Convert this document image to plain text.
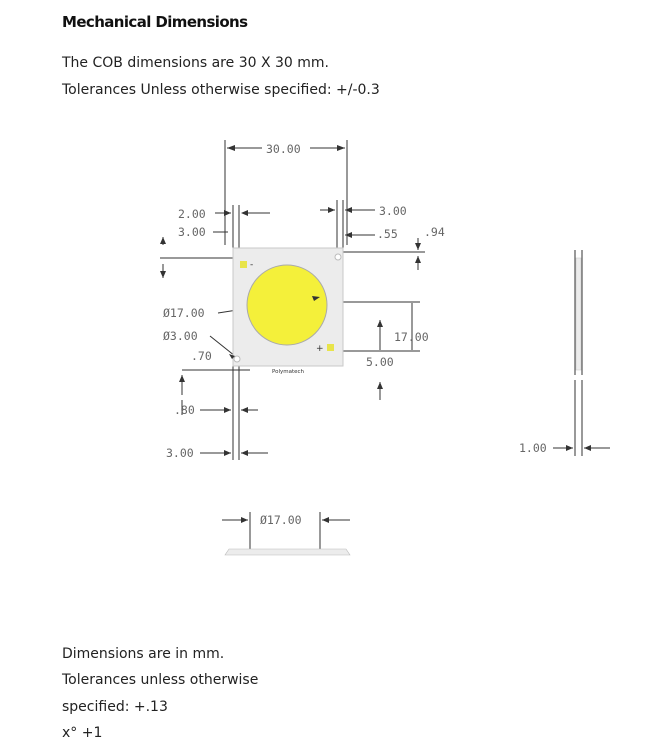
Mechanical Dimensions
The COB dimensions are 30 X 30 mm.
Tolerances Unless otherwise specified: +/-0.3
-
+
Polymatech
30.00
2.00
3.00
3.00
.55 .94
Ø17.00
Ø3.00
.70
17.00
5.00
.80
3.00	1.00
Ø17.00
Dimensions are in mm.
Tolerances unless otherwise
specified: +.13
x° +1
